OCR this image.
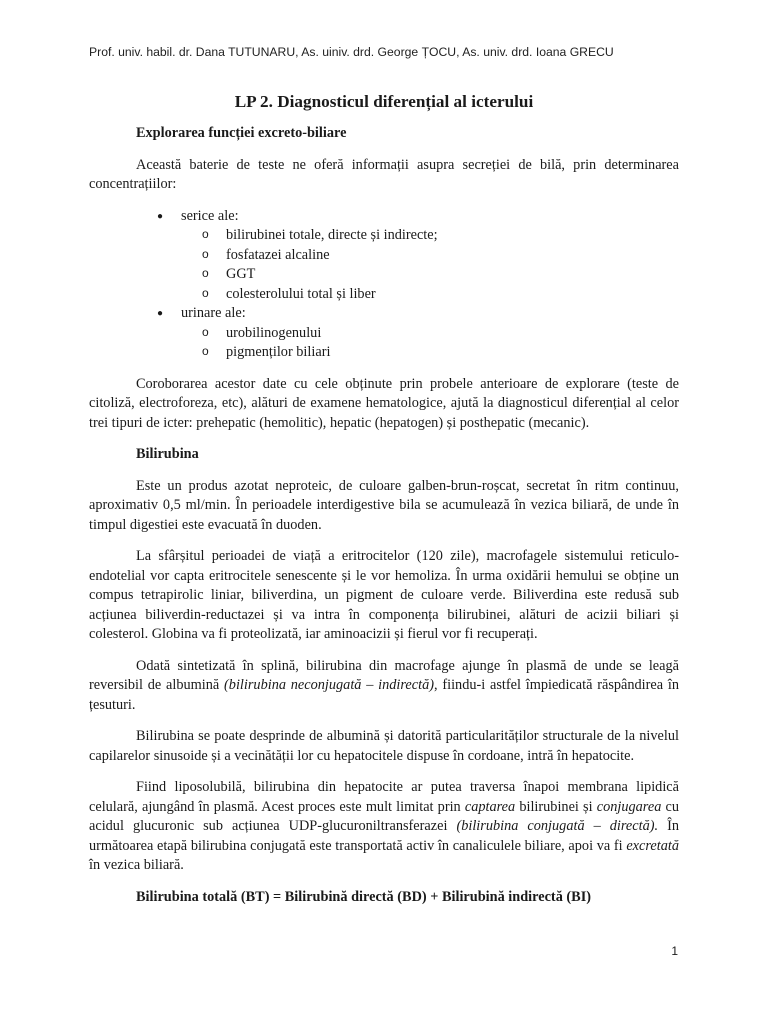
Prof. univ. habil. dr. Dana TUTUNARU, As. uiniv. drd. George ȚOCU, As. univ. drd. Ioana GRECU
LP 2. Diagnosticul diferențial al icterului
Explorarea funcției excreto-biliare

Această baterie de teste ne oferă informații asupra secreției de bilă, prin determinarea concentrațiilor:

● serice ale:
o bilirubinei totale, directe și indirecte;
o fosfatazei alcaline
o GGT
o colesterolului total și liber
● urinare ale:
o urobilinogenului
o pigmenților biliari

Coroborarea acestor date cu cele obținute prin probele anterioare de explorare (teste de citoliză, electroforeza, etc), alături de examene hematologice, ajută la diagnosticul diferențial al celor trei tipuri de icter: prehepatic (hemolitic), hepatic (hepatogen) și posthepatic (mecanic).

Bilirubina

Este un produs azotat neproteic, de culoare galben-brun-roșcat, secretat în ritm continuu, aproximativ 0,5 ml/min. În perioadele interdigestive bila se acumulează în vezica biliară, de unde în timpul digestiei este evacuată în duoden.

La sfârșitul perioadei de viață a eritrocitelor (120 zile), macrofagele sistemului reticulo-endotelial vor capta eritrocitele senescente și le vor hemoliza. În urma oxidării hemului se obține un compus tetrapirolic liniar, biliverdina, un pigment de culoare verde. Biliverdina este redusă sub acțiunea biliverdin-reductazei și va intra în componența bilirubinei, alături de acizii biliari și colesterol. Globina va fi proteolizată, iar aminoacizii și fierul vor fi recuperați.

Odată sintetizată în splină, bilirubina din macrofage ajunge în plasmă de unde se leagă reversibil de albumină (bilirubina neconjugată – indirectă), fiindu-i astfel împiedicată răspândirea în țesuturi.

Bilirubina se poate desprinde de albumină și datorită particularităților structurale de la nivelul capilarelor sinusoide și a vecinătății lor cu hepatocitele dispuse în cordoane, intră în hepatocite.

Fiind liposolubilă, bilirubina din hepatocite ar putea traversa înapoi membrana lipidică celulară, ajungând în plasmă. Acest proces este mult limitat prin captarea bilirubinei și conjugarea cu acidul glucuronic sub acțiunea UDP-glucuroniltransferazei (bilirubina conjugată – directă). În următoarea etapă bilirubina conjugată este transportată activ în canaliculele biliare, apoi va fi excretată în vezica biliară.

Bilirubina totală (BT) = Bilirubină directă (BD) + Bilirubină indirectă (BI)
1
